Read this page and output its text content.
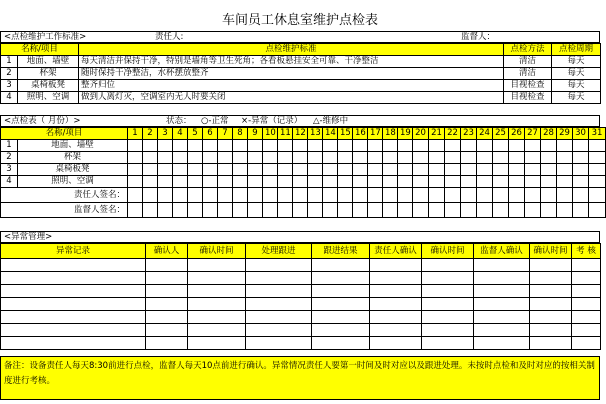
车间员工休息室维护点检表
<点检维护工作标准>	责任人:	监督人：
名称/项目		点检维护标准	点检方法	点检周期
1	地面、墙壁	每天清洁并保持干净，特别是墙角等卫生死角；各看板悬挂安全可靠、干净整洁	清洁	每天
2	杯架	随时保持干净整洁，水杯摆放整齐	清洁	每天
3	桌椅板凳	整齐归位	目视检查	每天
4	照明、空调	做到人离灯灭，空调室内无人时要关闭	目视检查	每天
<点检表（ 月份）>	状态： ○-正常 ×-异常（记录） △-维修中
名称/项目		1	2	3	4	5	6	7	8	9	10	11	12	13	14	15	16	17	18	19	20	21	22	23	24	25	26	27	28	29	30	31
1	地面、墙壁																															
2	杯架																															
3	桌椅板凳																															
4	照明、空调																															
责任人签名：																																
监督人签名：																																
<异常管理>
异常记录	确认人	确认时间	处理跟进	跟进结果	责任人确认	确认时间	监督人确认	确认时间	考 核

备注：设备责任人每天8:30前进行点检，监督人每天10点前进行确认。异常情况责任人要第一时间及时对应以及跟进处理。未按时点检和及时对应的按相关制度进行考核。
